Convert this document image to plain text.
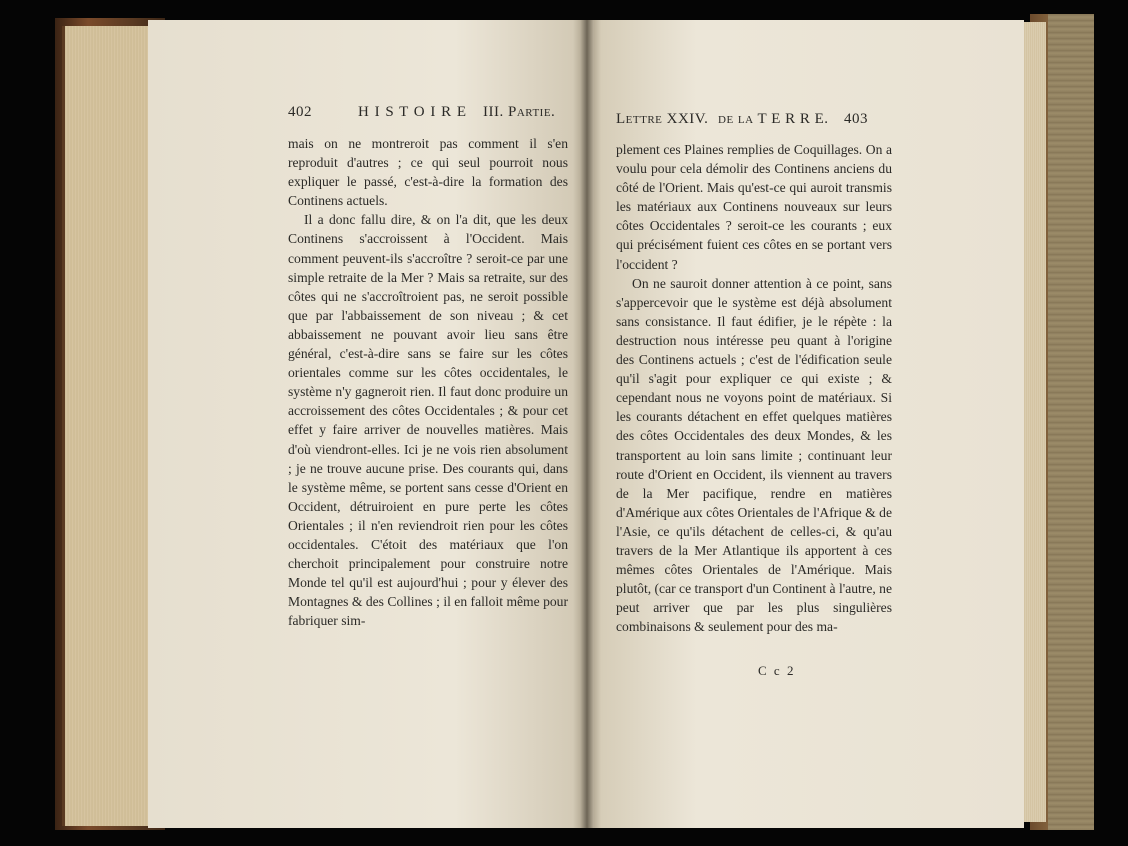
402	H I S T O I R E III. Partie.

mais on ne montreroit pas comment il s'en reproduit d'autres ; ce qui seul pourroit nous expliquer le passé, c'est-à-dire la formation des Continens actuels.

Il a donc fallu dire, & on l'a dit, que les deux Continens s'accroissent à l'Occident. Mais comment peuvent-ils s'accroître ? seroit-ce par une simple retraite de la Mer ? Mais sa retraite, sur des côtes qui ne s'accroîtroient pas, ne seroit possible que par l'abbaissement de son niveau ; & cet abbaissement ne pouvant avoir lieu sans être général, c'est-à-dire sans se faire sur les côtes orientales comme sur les côtes occidentales, le système n'y gagneroit rien. Il faut donc produire un accroissement des côtes Occidentales ; & pour cet effet y faire arriver de nouvelles matières. Mais d'où viendront-elles. Ici je ne vois rien absolument ; je ne trouve aucune prise. Des courants qui, dans le système même, se portent sans cesse d'Orient en Occident, détruiroient en pure perte les côtes Orientales ; il n'en reviendroit rien pour les côtes occidentales. C'étoit des matériaux que l'on cherchoit principalement pour construire notre Monde tel qu'il est aujourd'hui ; pour y élever des Montagnes & des Collines ; il en falloit même pour fabriquer sim-

Lettre XXIV. de la T E R R E. 403

plement ces Plaines remplies de Coquillages. On a voulu pour cela démolir des Continens anciens du côté de l'Orient. Mais qu'est-ce qui auroit transmis les matériaux aux Continens nouveaux sur leurs côtes Occidentales ? seroit-ce les courants ; eux qui précisément fuient ces côtes en se portant vers l'occident ?

On ne sauroit donner attention à ce point, sans s'appercevoir que le système est déjà absolument sans consistance. Il faut édifier, je le répète : la destruction nous intéresse peu quant à l'origine des Continens actuels ; c'est de l'édification seule qu'il s'agit pour expliquer ce qui existe ; & cependant nous ne voyons point de matériaux. Si les courants détachent en effet quelques matières des côtes Occidentales des deux Mondes, & les transportent au loin sans limite ; continuant leur route d'Orient en Occident, ils viennent au travers de la Mer pacifique, rendre en matières d'Amérique aux côtes Orientales de l'Afrique & de l'Asie, ce qu'ils détachent de celles-ci, & qu'au travers de la Mer Atlantique ils apportent à ces mêmes côtes Orientales de l'Amérique. Mais plutôt, (car ce transport d'un Continent à l'autre, ne peut arriver que par les plus singulières combinaisons & seulement pour des ma-

C c 2
